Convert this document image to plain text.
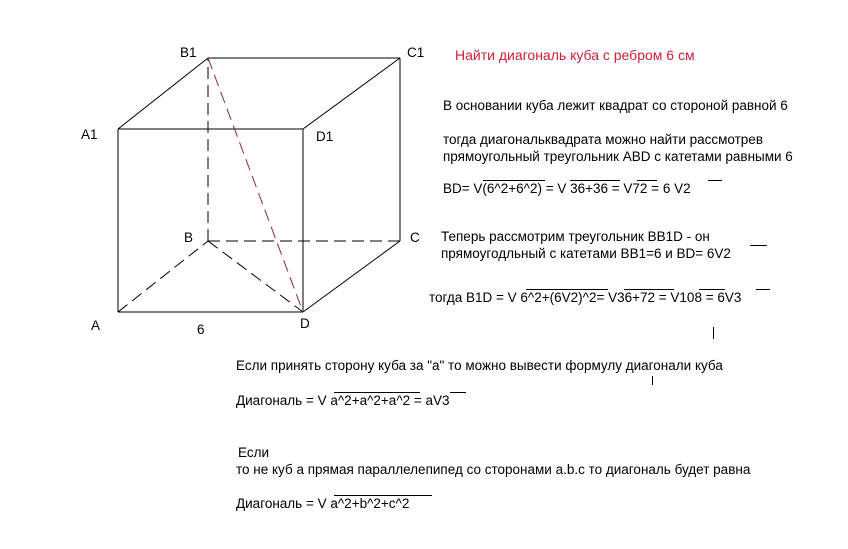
B1	C1
A1	D1
B	C
A	D
6
Найти диагональ куба с ребром 6 см
В основании куба лежит квадрат со стороной равной 6
тогда диагональквадрата можно найти рассмотрев
прямоугольный треугольник ABD с катетами равными 6
BD= V(6^2+6^2) = V 36+36 = V72 = 6 V2
Теперь рассмотрим треугольник BB1D - он
прямоугодльный с катетами BB1=6 и BD= 6V2
тогда B1D = V 6^2+(6V2)^2= V36+72 = V108 = 6V3
Если принять сторону куба за "а" то можно вывести формулу диагонали куба
Диагональ = V a^2+a^2+a^2 = aV3
Если
то не куб а прямая параллелепипед со сторонами a.b.c то диагональ будет равна
Диагональ = V a^2+b^2+c^2
